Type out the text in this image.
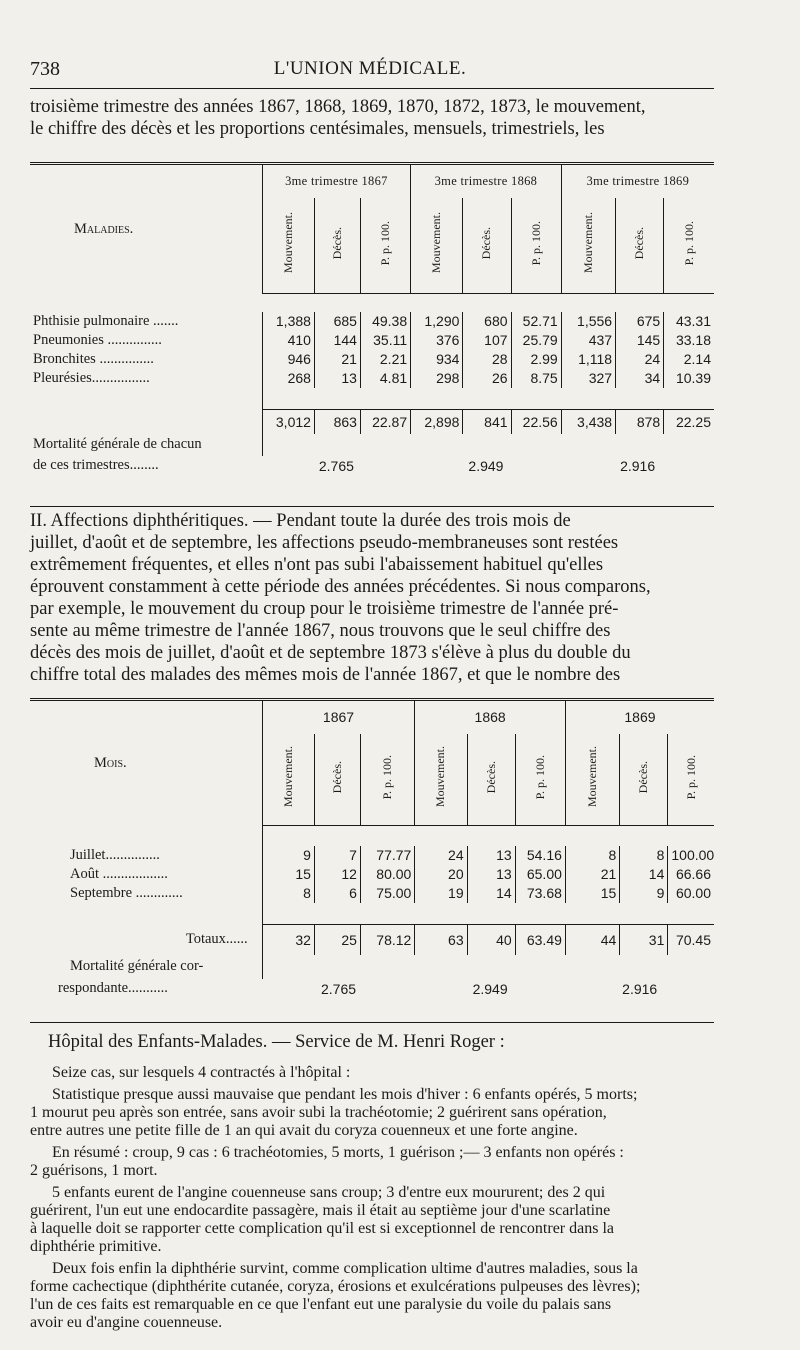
738	L'UNION MÉDICALE.

troisième trimestre des années 1867, 1868, 1869, 1870, 1872, 1873, le mouvement,
le chiffre des décès et les proportions centésimales, mensuels, trimestriels, les

Maladies.	3me trimestre 1867			3me trimestre 1868			3me trimestre 1869		
	Mouvement.	Décès.	P. p. 100.	Mouvement.	Décès.	P. p. 100.	Mouvement.	Décès.	P. p. 100.

Phthisie pulmonaire .......	1,388	685	49.38	1,290	680	52.71	1,556	675	43.31
Pneumonies ...............	410	144	35.11	376	107	25.79	437	145	33.18
Bronchites ...............	946	21	2.21	934	28	2.99	1,118	24	2.14
Pleurésies................	268	13	4.81	298	26	8.75	327	34	10.39

	3,012	863	22.87	2,898	841	22.56	3,438	878	22.25
Mortalité générale de chacun									
de ces trimestres........	2.765			2.949			2.916		

II. Affections diphthéritiques. — Pendant toute la durée des trois mois de
juillet, d'août et de septembre, les affections pseudo-membraneuses sont restées
extrêmement fréquentes, et elles n'ont pas subi l'abaissement habituel qu'elles
éprouvent constamment à cette période des années précédentes. Si nous comparons,
par exemple, le mouvement du croup pour le troisième trimestre de l'année pré-
sente au même trimestre de l'année 1867, nous trouvons que le seul chiffre des
décès des mois de juillet, d'août et de septembre 1873 s'élève à plus du double du
chiffre total des malades des mêmes mois de l'année 1867, et que le nombre des

Mois.	1867			1868			1869		
	Mouvement.	Décès.	P. p. 100.	Mouvement.	Décès.	P. p. 100.	Mouvement.	Décès.	P. p. 100.

Juillet...............	9	7	77.77	24	13	54.16	8	8	100.00
Août ..................	15	12	80.00	20	13	65.00	21	14	66.66
Septembre .............	8	6	75.00	19	14	73.68	15	9	60.00

Totaux......	32	25	78.12	63	40	63.49	44	31	70.45
Mortalité générale cor-									
respondante...........	2.765			2.949			2.916		
Hôpital des Enfants-Malades. — Service de M. Henri Roger :
Seize cas, sur lesquels 4 contractés à l'hôpital :
Statistique presque aussi mauvaise que pendant les mois d'hiver : 6 enfants opérés, 5 morts;
1 mourut peu après son entrée, sans avoir subi la trachéotomie; 2 guérirent sans opération,
entre autres une petite fille de 1 an qui avait du coryza couenneux et une forte angine.
En résumé : croup, 9 cas : 6 trachéotomies, 5 morts, 1 guérison ;— 3 enfants non opérés :
2 guérisons, 1 mort.
5 enfants eurent de l'angine couenneuse sans croup; 3 d'entre eux moururent; des 2 qui
guérirent, l'un eut une endocardite passagère, mais il était au septième jour d'une scarlatine
à laquelle doit se rapporter cette complication qu'il est si exceptionnel de rencontrer dans la
diphthérie primitive.
Deux fois enfin la diphthérie survint, comme complication ultime d'autres maladies, sous la
forme cachectique (diphthérite cutanée, coryza, érosions et exulcérations pulpeuses des lèvres);
l'un de ces faits est remarquable en ce que l'enfant eut une paralysie du voile du palais sans
avoir eu d'angine couenneuse.
